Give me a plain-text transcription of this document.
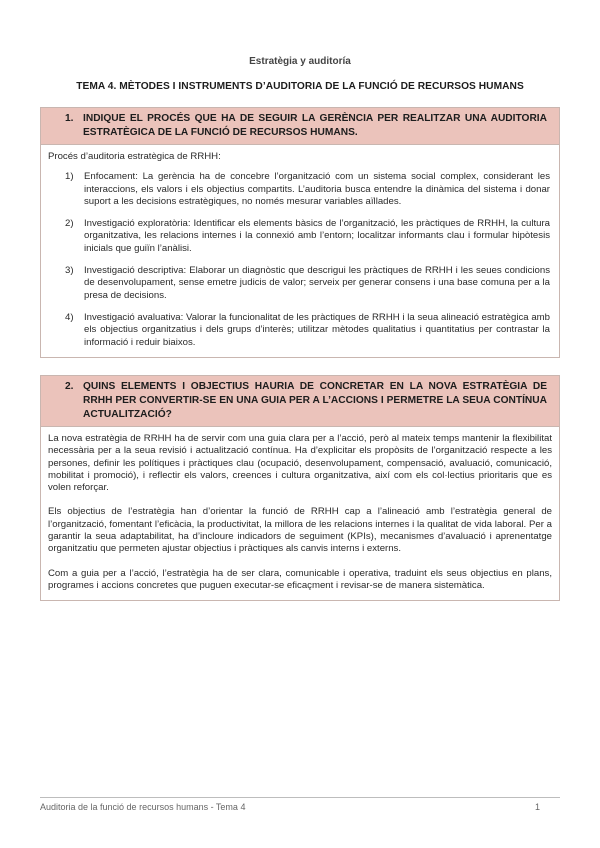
Estratègia y auditoría
TEMA 4. MÈTODES I INSTRUMENTS D’AUDITORIA DE LA FUNCIÓ DE RECURSOS HUMANS
1. INDIQUE EL PROCÉS QUE HA DE SEGUIR LA GERÈNCIA PER REALITZAR UNA AUDITORIA ESTRATÈGICA DE LA FUNCIÓ DE RECURSOS HUMANS.

Procés d’auditoria estratègica de RRHH:

1) Enfocament: La gerència ha de concebre l’organització com un sistema social complex, considerant les interaccions, els valors i els objectius compartits. L’auditoria busca entendre la dinàmica del sistema i donar suport a les decisions estratègiques, no només mesurar variables aïllades.
2) Investigació exploratòria: Identificar els elements bàsics de l’organització, les pràctiques de RRHH, la cultura organitzativa, les relacions internes i la connexió amb l’entorn; localitzar informants clau i formular hipòtesis inicials que guiïn l’anàlisi.
3) Investigació descriptiva: Elaborar un diagnòstic que descrigui les pràctiques de RRHH i les seues condicions de desenvolupament, sense emetre judicis de valor; serveix per generar consens i una base comuna per a la presa de decisions.
4) Investigació avaluativa: Valorar la funcionalitat de les pràctiques de RRHH i la seua alineació estratègica amb els objectius organitzatius i dels grups d’interès; utilitzar mètodes qualitatius i quantitatius per contrastar la informació i reduir biaixos.
2. QUINS ELEMENTS I OBJECTIUS HAURIA DE CONCRETAR EN LA NOVA ESTRATÈGIA DE RRHH PER CONVERTIR-SE EN UNA GUIA PER A L’ACCIONS I PERMETRE LA SEUA CONTÍNUA ACTUALITZACIÓ?

La nova estratègia de RRHH ha de servir com una guia clara per a l’acció, però al mateix temps mantenir la flexibilitat necessària per a la seua revisió i actualització contínua. Ha d’explicitar els propòsits de l’organització respecte a les persones, definir les polítiques i pràctiques clau (ocupació, desenvolupament, compensació, avaluació, comunicació, mobilitat i promoció), i reflectir els valors, creences i cultura organitzativa, així com els col·lectius prioritaris que es volen reforçar.

Els objectius de l’estratègia han d’orientar la funció de RRHH cap a l’alineació amb l’estratègia general de l’organització, fomentant l’eficàcia, la productivitat, la millora de les relacions internes i la qualitat de vida laboral. Per a garantir la seua adaptabilitat, ha d’incloure indicadors de seguiment (KPIs), mecanismes d’avaluació i aprenentatge organitzatiu que permeten ajustar objectius i pràctiques als canvis interns i externs.

Com a guia per a l’acció, l’estratègia ha de ser clara, comunicable i operativa, traduint els seus objectius en plans, programes i accions concretes que puguen executar-se eficaçment i revisar-se de manera sistemàtica.

Auditoria de la funció de recursos humans - Tema 4	1
